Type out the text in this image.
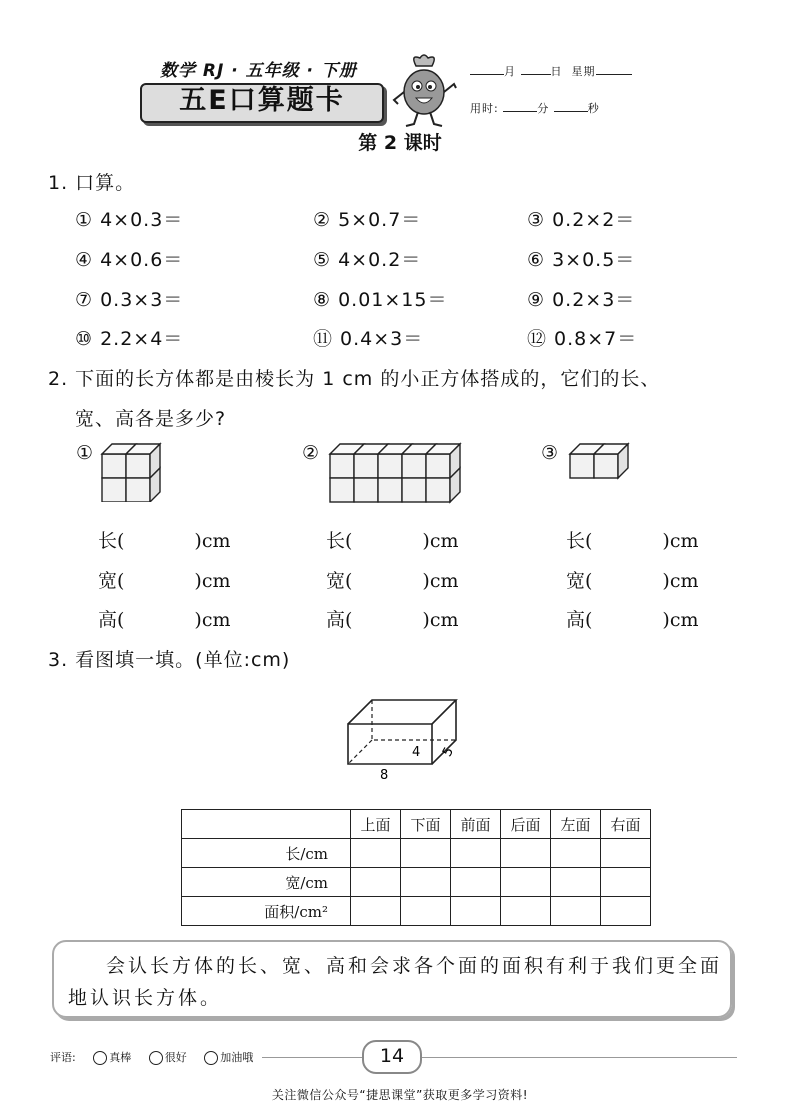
数学 RJ · 五年级 · 下册
五E口算题卡
月	日 星期
用时:	分	秒
第 2 课时
1. 口算。
① 4×0.3＝	② 5×0.7＝	③ 0.2×2＝
④ 4×0.6＝	⑤ 4×0.2＝	⑥ 3×0.5＝
⑦ 0.3×3＝	⑧ 0.01×15＝	⑨ 0.2×3＝
⑩ 2.2×4＝	⑪ 0.4×3＝	⑫ 0.8×7＝
2. 下面的长方体都是由棱长为 1 cm 的小正方体搭成的，它们的长、
宽、高各是多少?
①	②	③
长(	)cm
宽(	)cm
高(	)cm
长(	)cm
宽(	)cm
高(	)cm
长(	)cm
宽(	)cm
高(	)cm
3. 看图填一填。(单位:cm)
8
4 5
	上面	下面	前面	后面	左面	右面
长/cm						
宽/cm						
面积/cm²						
会认长方体的长、宽、高和会求各个面的面积有利于我们更全面地认识长方体。
评语:	真棒	很好	加油哦	14
关注微信公众号“捷思课堂”获取更多学习资料!
